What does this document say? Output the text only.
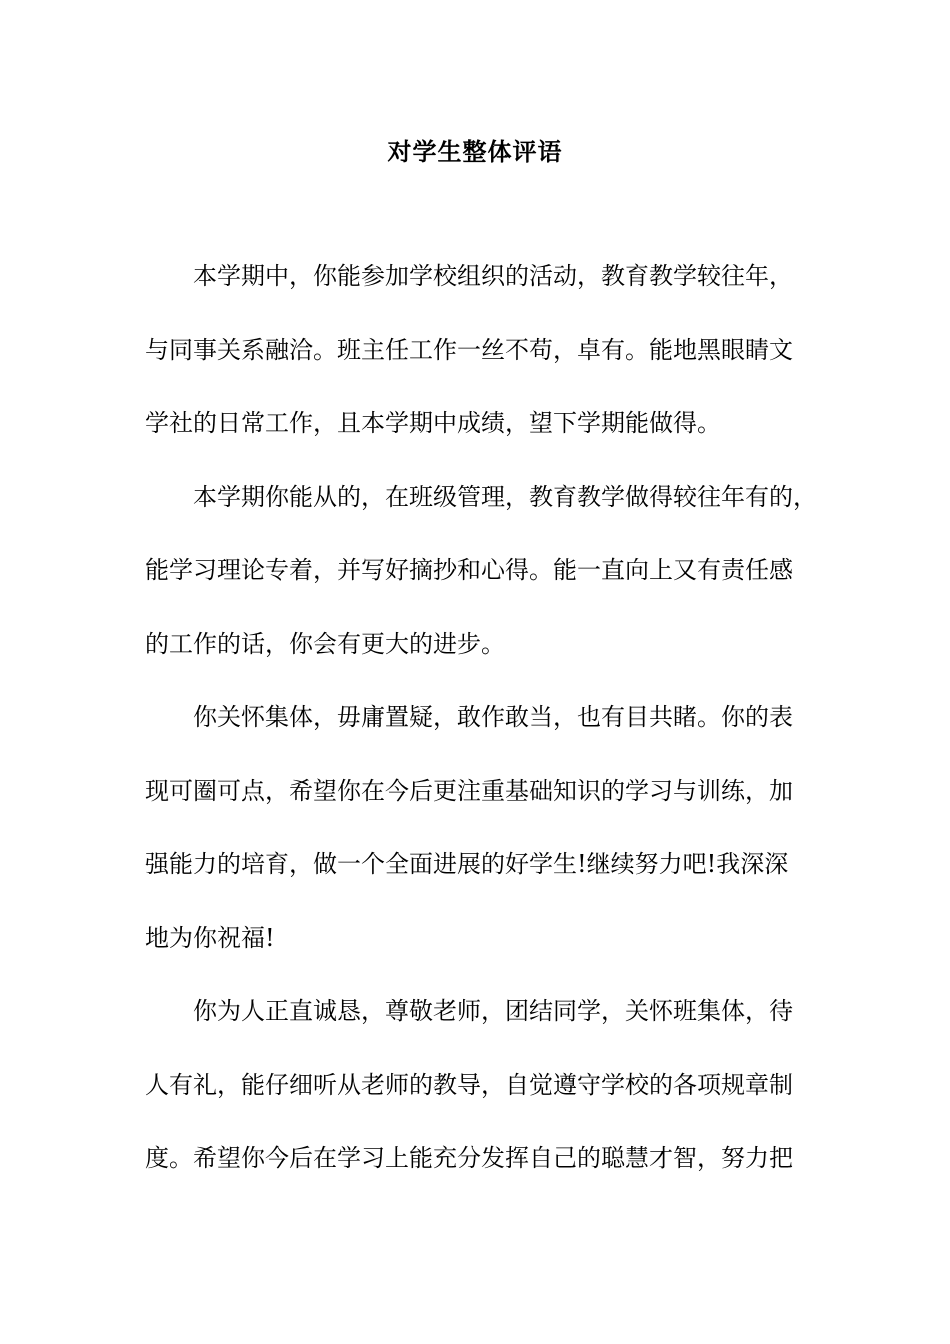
对学生整体评语
本学期中，你能参加学校组织的活动，教育教学较往年，
与同事关系融洽。班主任工作一丝不苟，卓有。能地黑眼睛文
学社的日常工作，且本学期中成绩，望下学期能做得。
本学期你能从的，在班级管理，教育教学做得较往年有的，
能学习理论专着，并写好摘抄和心得。能一直向上又有责任感
的工作的话，你会有更大的进步。
你关怀集体，毋庸置疑，敢作敢当，也有目共睹。你的表
现可圈可点，希望你在今后更注重基础知识的学习与训练，加
强能力的培育，做一个全面进展的好学生!继续努力吧!我深深
地为你祝福!
你为人正直诚恳，尊敬老师，团结同学，关怀班集体，待
人有礼，能仔细听从老师的教导，自觉遵守学校的各项规章制
度。希望你今后在学习上能充分发挥自己的聪慧才智，努力把
